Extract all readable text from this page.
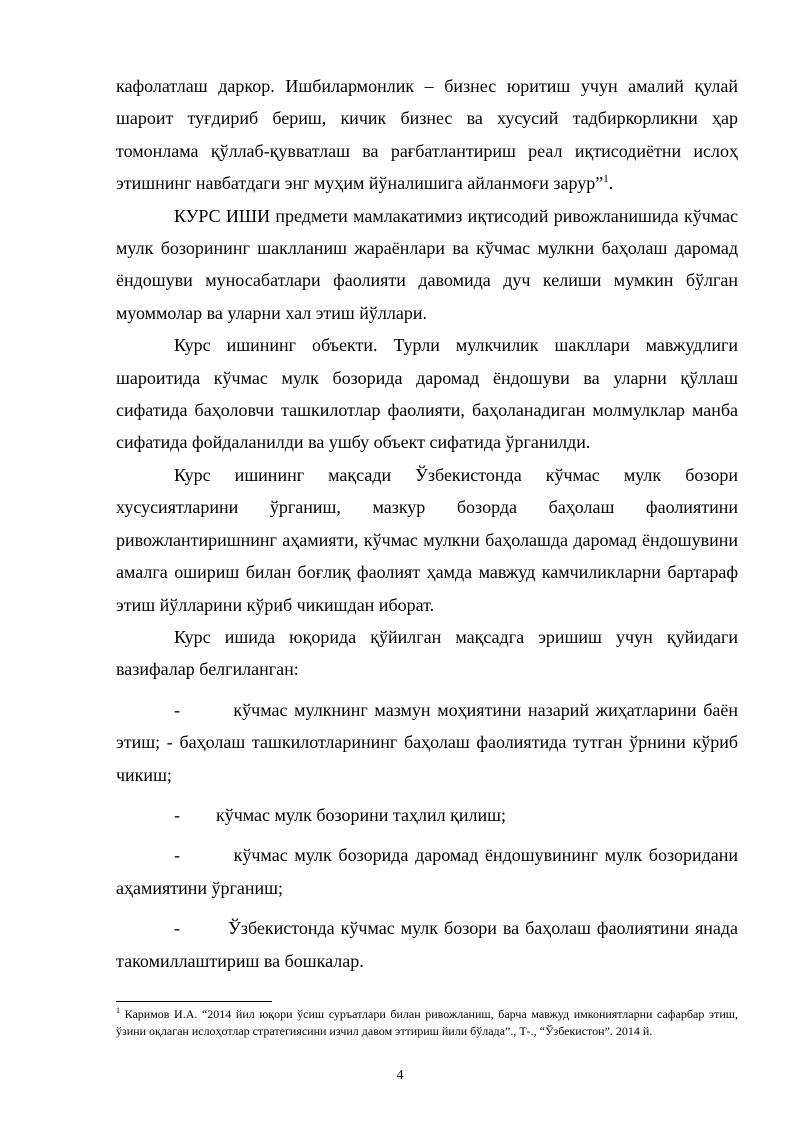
кафолатлаш даркор. Ишбилармонлик – бизнес юритиш учун амалий қулай шароит туғдириб бериш, кичик бизнес ва хусусий тадбиркорликни ҳар томонлама қўллаб-қувватлаш ва рағбатлантириш реал иқтисодиётни ислоҳ этишнинг навбатдаги энг муҳим йўналишига айланмоғи зарур”$^1$.

КУРС ИШИ предмети мамлакатимиз иқтисодий ривожланишида кўчмас мулк бозорининг шаклланиш жараёнлари ва кўчмас мулкни баҳолаш даромад ёндошуви муносабатлари фаолияти давомида дуч келиши мумкин бўлган муоммолар ва уларни хал этиш йўллари.

Курс ишининг объекти. Турли мулкчилик шакллари мавжудлиги шароитида кўчмас мулк бозорида даромад ёндошуви ва уларни қўллаш сифатида баҳоловчи ташкилотлар фаолияти, баҳоланадиган молмулклар манба сифатида фойдаланилди ва ушбу объект сифатида ўрганилди.

Курс ишининг мақсади Ўзбекистонда кўчмас мулк бозори хусусиятларини ўрганиш, мазкур бозорда баҳолаш фаолиятини ривожлантиришнинг аҳамияти, кўчмас мулкни баҳолашда даромад ёндошувини амалга ошириш билан боғлиқ фаолият ҳамда мавжуд камчиликларни бартараф этиш йўлларини кўриб чикишдан иборат.

Курс ишида юқорида қўйилган мақсадга эришиш учун қуйидаги вазифалар белгиланган:

-        кўчмас мулкнинг мазмун моҳиятини назарий жиҳатларини баён этиш; - баҳолаш ташкилотларининг баҳолаш фаолиятида тутган ўрнини кўриб чикиш;

-        кўчмас мулк бозорини таҳлил қилиш;

-        кўчмас мулк бозорида даромад ёндошувининг мулк бозоридани аҳамиятини ўрганиш;

-        Ўзбекистонда кўчмас мулк бозори ва баҳолаш фаолиятини янада такомиллаштириш ва бошкалар.

$^1$ Каримов И.А. “2014 йил юқори ўсиш суръатлари билан ривожланиш, барча мавжуд имкониятларни сафарбар этиш, ўзини оқлаган ислоҳотлар стратегиясини изчил давом эттириш йили бўлада”., Т-., “Ўзбекистон”. 2014 й.

4
